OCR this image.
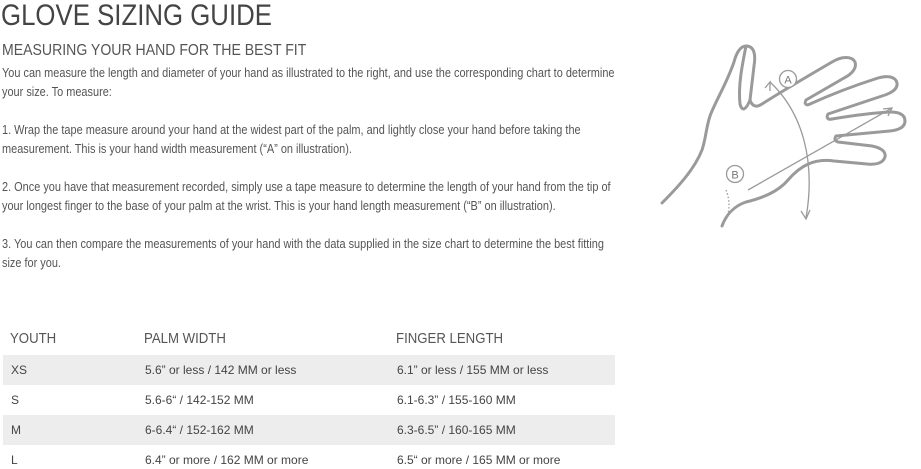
GLOVE SIZING GUIDE
MEASURING YOUR HAND FOR THE BEST FIT

You can measure the length and diameter of your hand as illustrated to the right, and use the corresponding chart to determine your size. To measure:

1. Wrap the tape measure around your hand at the widest part of the palm, and lightly close your hand before taking the measurement. This is your hand width measurement (“A” on illustration).

2. Once you have that measurement recorded, simply use a tape measure to determine the length of your hand from the tip of your longest finger to the base of your palm at the wrist. This is your hand length measurement (“B” on illustration).

3. You can then compare the measurements of your hand with the data supplied in the size chart to determine the best fitting size for you.

A
B
YOUTH	PALM WIDTH	FINGER LENGTH
XS	5.6” or less / 142 MM or less	6.1” or less / 155 MM or less
S	5.6-6“ / 142-152 MM	6.1-6.3” / 155-160 MM
M	6-6.4“ / 152-162 MM	6.3-6.5” / 160-165 MM
L	6.4” or more / 162 MM or more	6.5“ or more / 165 MM or more
